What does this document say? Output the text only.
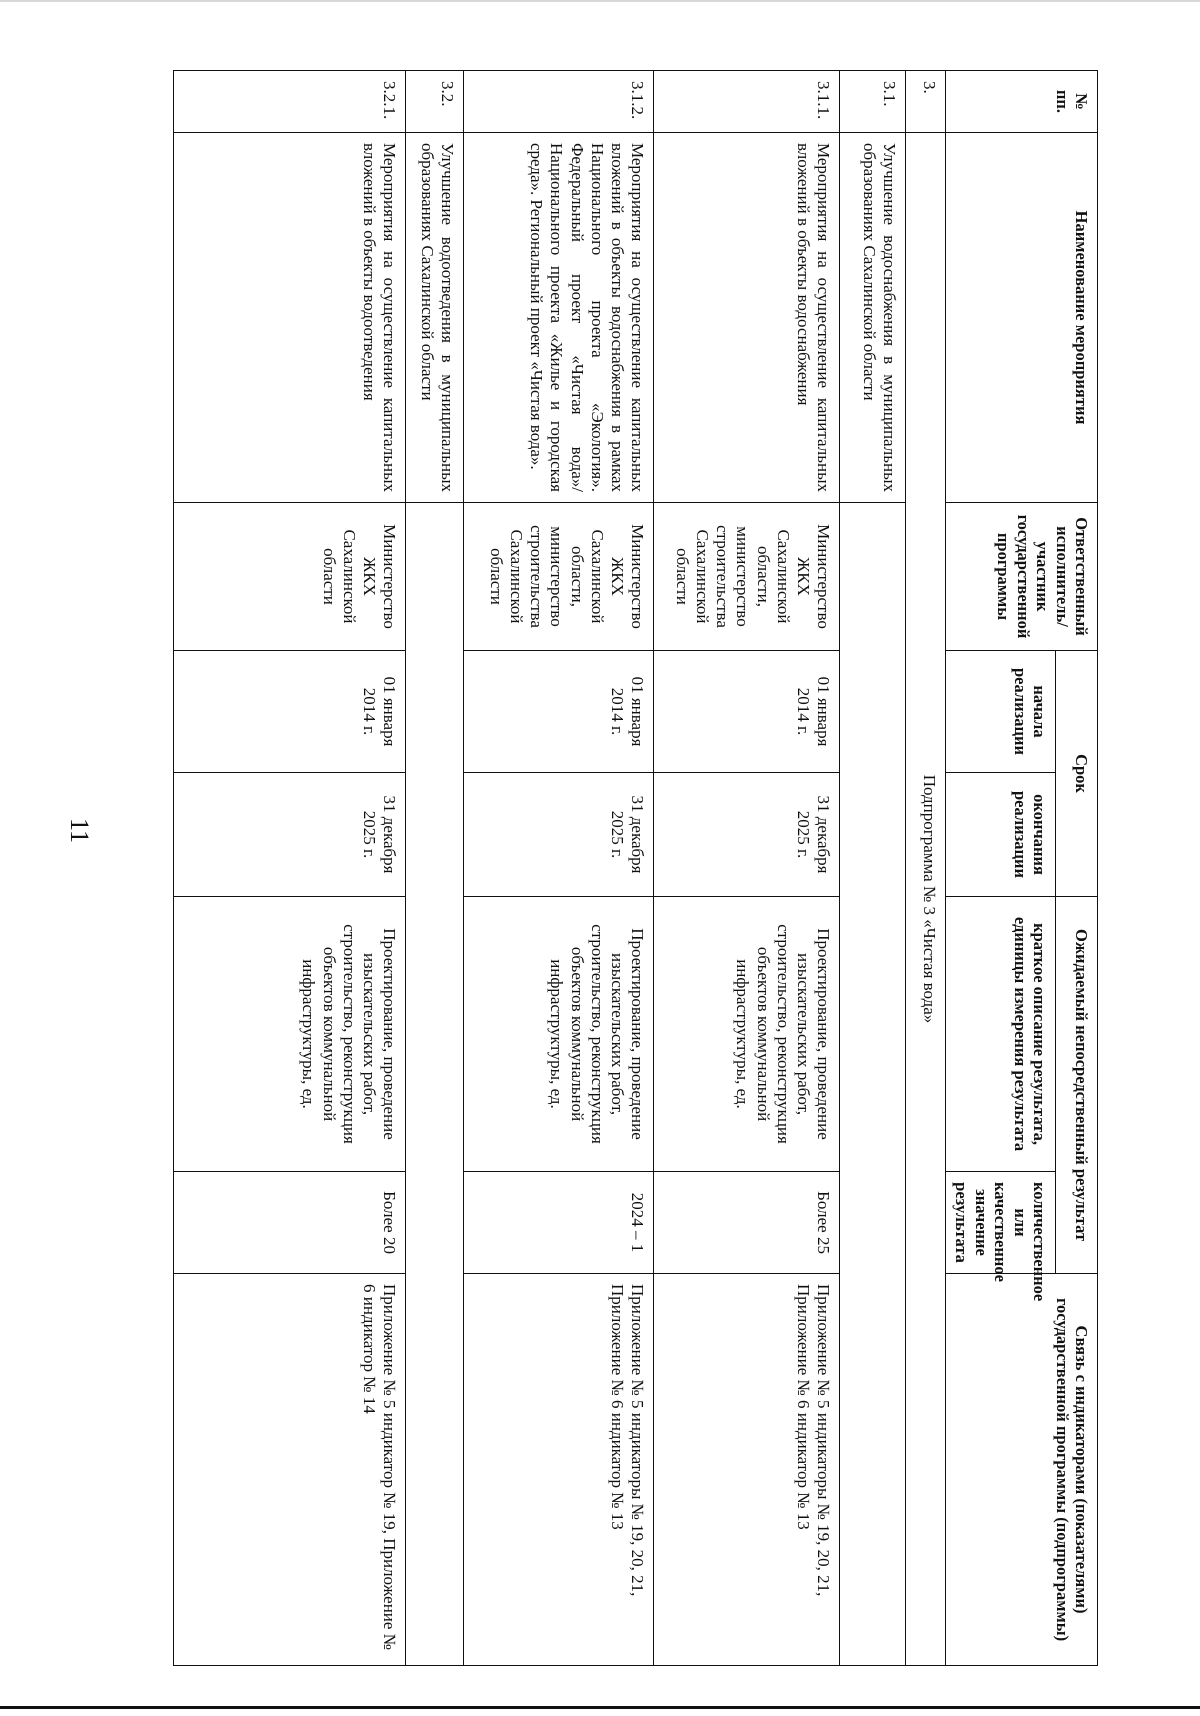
11
№ пп.	Наименование мероприятия	Ответственный исполнитель/ участник государственной программы	Срок		Ожидаемый непосредственный результат		Связь с индикаторами (показателями) государственной программы (подпрограммы)
			начала реализации	окончания реализации	краткое описание результата, единицы измерения результата	количественное или качественное значение результата	
3.	Подпрограмма № 3 «Чистая вода»						
3.1.	Улучшение водоснабжения в муниципальных образованиях Сахалинской области						
3.1.1.	Мероприятия на осуществление капитальных вложений в объекты водоснабжения	Министерство ЖКХ Сахалинской области, министерство строительства Сахалинской области	01 января 2014 г.	31 декабря 2025 г.	Проектирование, проведение изыскательских работ, строительство, реконструкция объектов коммунальной инфраструктуры, ед.	Более 25	Приложение № 5 индикаторы № 19, 20, 21, Приложение № 6 индикатор № 13
3.1.2.	Мероприятия на осуществление капитальных вложений в объекты водоснабжения в рамках Национального проекта «Экология». Федеральный проект «Чистая вода»/Национального проекта «Жилье и городская среда». Региональный проект «Чистая вода».	Министерство ЖКХ Сахалинской области, министерство строительства Сахалинской области	01 января 2014 г.	31 декабря 2025 г.	Проектирование, проведение изыскательских работ, строительство, реконструкция объектов коммунальной инфраструктуры, ед.	2024 – 1	Приложение № 5 индикаторы № 19, 20, 21, Приложение № 6 индикатор № 13
3.2.	Улучшение водоотведения в муниципальных образованиях Сахалинской области						
3.2.1.	Мероприятия на осуществление капитальных вложений в объекты водоотведения	Министерство ЖКХ Сахалинской области	01 января 2014 г.	31 декабря 2025 г.	Проектирование, проведение изыскательских работ, строительство, реконструкция объектов коммунальной инфраструктуры, ед.	Более 20	Приложение № 5 индикатор № 19, Приложение № 6 индикатор № 14
